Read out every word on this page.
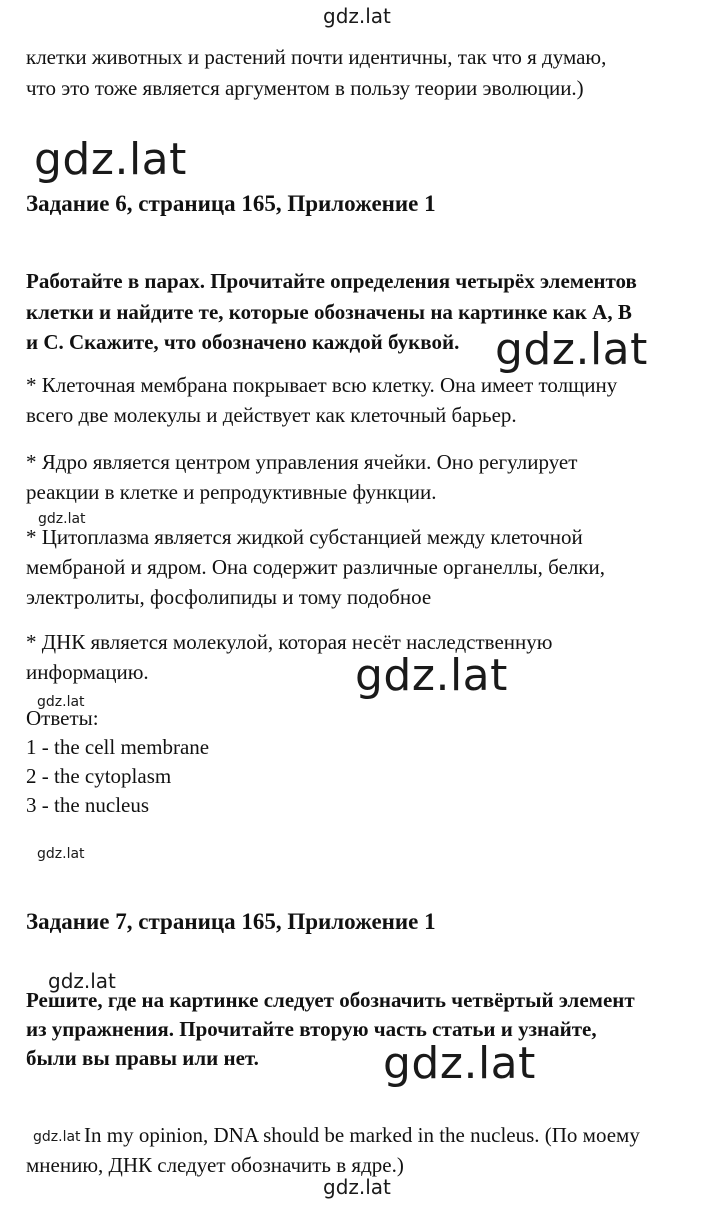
gdz.lat
gdz.lat
gdz.lat
gdz.lat
gdz.lat
gdz.lat
gdz.lat
gdz.lat
gdz.lat
gdz.lat
gdz.lat
клетки животных и растений почти идентичны, так что я думаю,
что это тоже является аргументом в пользу теории эволюции.)
Задание 6, страница 165, Приложение 1
Работайте в парах. Прочитайте определения четырёх элементов
клетки и найдите те, которые обозначены на картинке как А, В
и С. Скажите, что обозначено каждой буквой.
* Клеточная мембрана покрывает всю клетку. Она имеет толщину
всего две молекулы и действует как клеточный барьер.
* Ядро является центром управления ячейки. Оно регулирует
реакции в клетке и репродуктивные функции.
* Цитоплазма является жидкой субстанцией между клеточной
мембраной и ядром. Она содержит различные органеллы, белки,
электролиты, фосфолипиды и тому подобное
* ДНК является молекулой, которая несёт наследственную
информацию.
Ответы:
1 - the cell membrane
2 - the cytoplasm
3 - the nucleus
Задание 7, страница 165, Приложение 1
Решите, где на картинке следует обозначить четвёртый элемент
из упражнения. Прочитайте вторую часть статьи и узнайте,
были вы правы или нет.
In my opinion, DNA should be marked in the nucleus. (По моему
мнению, ДНК следует обозначить в ядре.)
